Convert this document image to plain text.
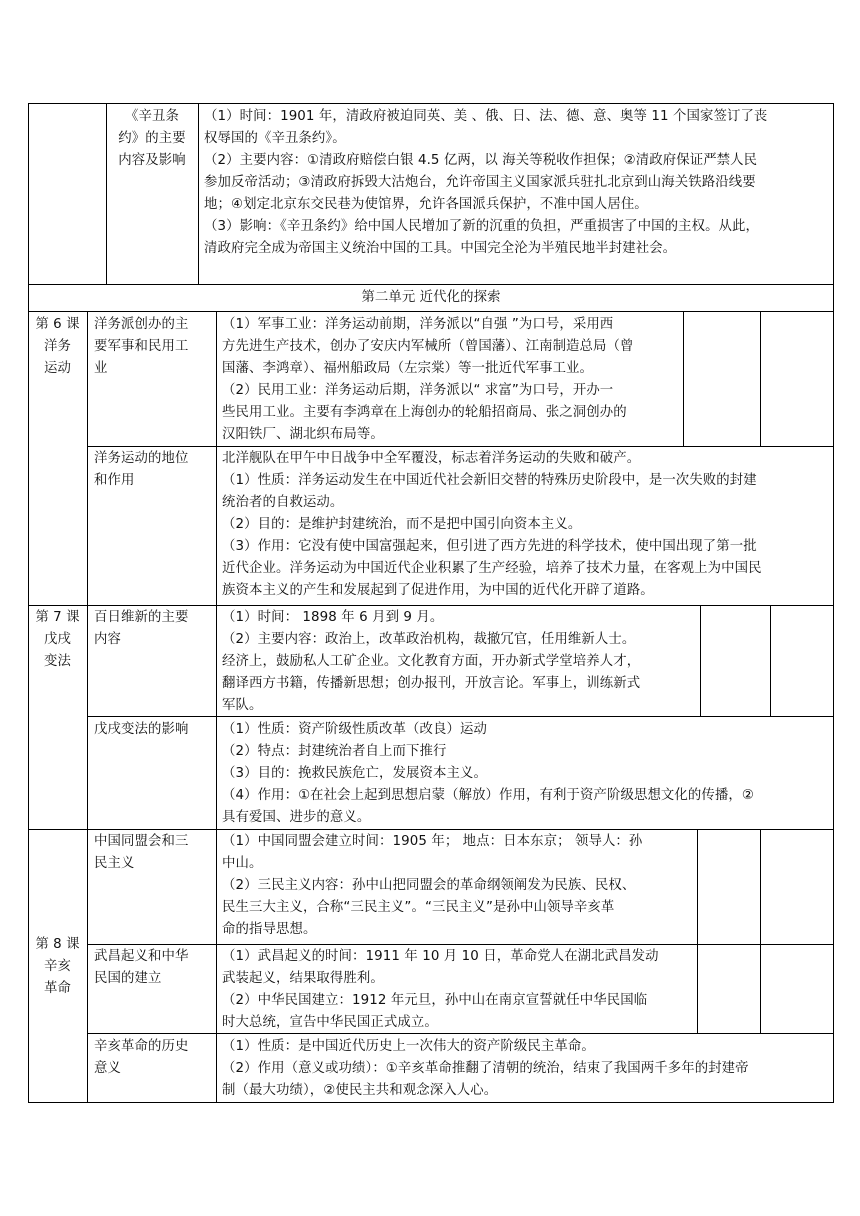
《辛丑条
约》的主要
内容及影响
（1）时间：1901 年，清政府被迫同英、美 、俄、日、法、德、意、奥等 11 个国家签订了丧
权辱国的《辛丑条约》。
（2）主要内容：①清政府赔偿白银 4.5 亿两，以 海关等税收作担保；②清政府保证严禁人民
参加反帝活动；③清政府拆毁大沽炮台，允许帝国主义国家派兵驻扎北京到山海关铁路沿线要
地；④划定北京东交民巷为使馆界，允许各国派兵保护，不准中国人居住。
（3）影响：《辛丑条约》给中国人民增加了新的沉重的负担，严重损害了中国的主权。从此，
清政府完全成为帝国主义统治中国的工具。中国完全沦为半殖民地半封建社会。
第二单元 近代化的探索
第 6 课
洋务
运动
洋务派创办的主
要军事和民用工
业
（1）军事工业：洋务运动前期，洋务派以“自强 ”为口号，采用西
方先进生产技术，创办了安庆内军械所（曾国藩）、江南制造总局（曾
国藩、李鸿章）、福州船政局（左宗棠）等一批近代军事工业。
（2）民用工业：洋务运动后期，洋务派以“ 求富”为口号，开办一
些民用工业。主要有李鸿章在上海创办的轮船招商局、张之洞创办的
汉阳铁厂、湖北织布局等。
洋务运动的地位
和作用
北洋舰队在甲午中日战争中全军覆没，标志着洋务运动的失败和破产。
（1）性质：洋务运动发生在中国近代社会新旧交替的特殊历史阶段中，是一次失败的封建
统治者的自救运动。
（2）目的：是维护封建统治，而不是把中国引向资本主义。
（3）作用：它没有使中国富强起来，但引进了西方先进的科学技术，使中国出现了第一批
近代企业。洋务运动为中国近代企业积累了生产经验，培养了技术力量，在客观上为中国民
族资本主义的产生和发展起到了促进作用，为中国的近代化开辟了道路。
第 7 课
戊戌
变法
百日维新的主要
内容
（1）时间： 1898 年 6 月到 9 月。
（2）主要内容：政治上，改革政治机构，裁撤冗官，任用维新人士。
经济上，鼓励私人工矿企业。文化教育方面，开办新式学堂培养人才，
翻译西方书籍，传播新思想；创办报刊，开放言论。军事上，训练新式
军队。
戊戌变法的影响	（1）性质：资产阶级性质改革（改良）运动
（2）特点：封建统治者自上而下推行
（3）目的：挽救民族危亡，发展资本主义。
（4）作用：①在社会上起到思想启蒙（解放）作用，有利于资产阶级思想文化的传播，②
具有爱国、进步的意义。
第 8 课
辛亥
革命
中国同盟会和三
民主义
（1）中国同盟会建立时间：1905 年； 地点：日本东京； 领导人：孙
中山。
（2）三民主义内容：孙中山把同盟会的革命纲领阐发为民族、民权、
民生三大主义，合称“三民主义”。“三民主义”是孙中山领导辛亥革
命的指导思想。
武昌起义和中华
民国的建立
（1）武昌起义的时间：1911 年 10 月 10 日，革命党人在湖北武昌发动
武装起义，结果取得胜利。
（2）中华民国建立：1912 年元旦，孙中山在南京宣誓就任中华民国临
时大总统，宣告中华民国正式成立。
辛亥革命的历史
意义
（1）性质：是中国近代历史上一次伟大的资产阶级民主革命。
（2）作用（意义或功绩）：①辛亥革命推翻了清朝的统治，结束了我国两千多年的封建帝
制（最大功绩），②使民主共和观念深入人心。
